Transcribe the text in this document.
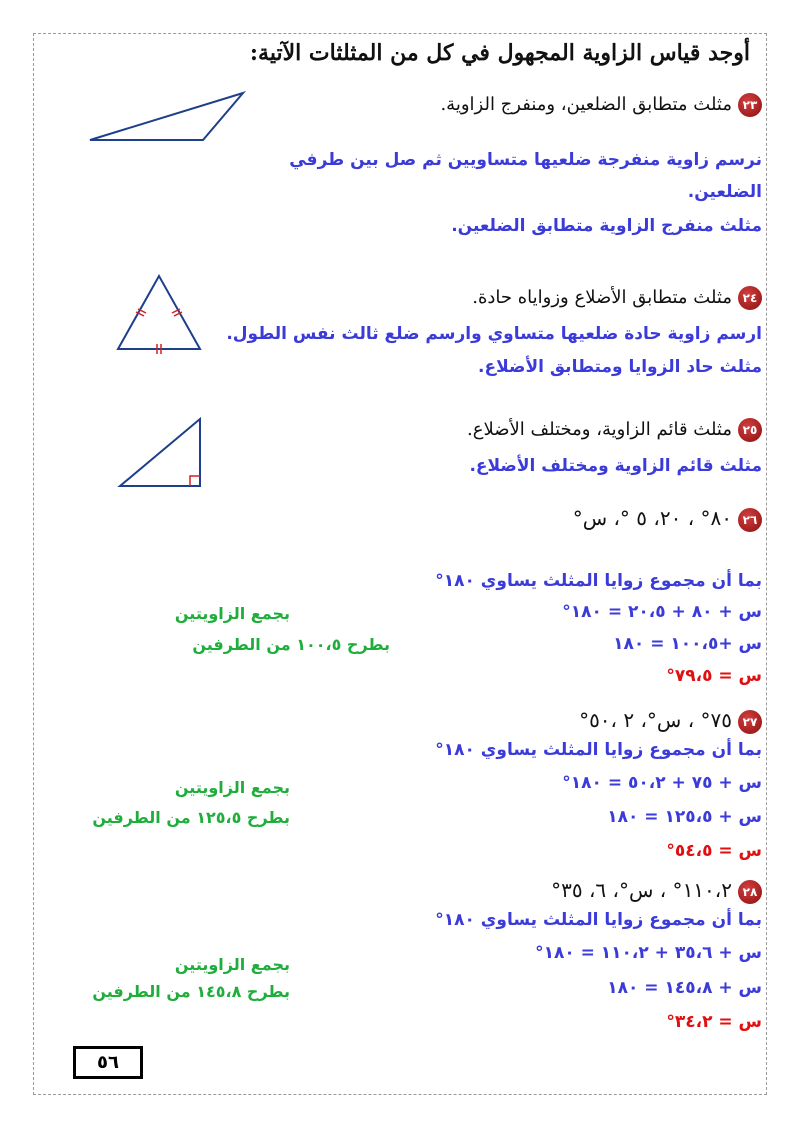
أوجد قياس الزاوية المجهول في كل من المثلثات الآتية:
٢٣مثلث متطابق الضلعين، ومنفرج الزاوية.
نرسم زاوية منفرجة ضلعيها متساويين ثم صل بين طرفي
الضلعين.
مثلث منفرج الزاوية متطابق الضلعين.
٢٤مثلث متطابق الأضلاع وزواياه حادة.
ارسم زاوية حادة ضلعيها متساوي وارسم ضلع ثالث نفس الطول.
مثلث حاد الزوايا ومتطابق الأضلاع.
٢٥مثلث قائم الزاوية، ومختلف الأضلاع.
مثلث قائم الزاوية ومختلف الأضلاع.
٢٦٨٠° ، ٢٠، ٥ °، س°
بما أن مجموع زوايا المثلث يساوي ١٨٠°
س + ٨٠ + ٢٠،٥ = ١٨٠°
بجمع الزاويتين
س +١٠٠،٥ = ١٨٠
بطرح ١٠٠،٥ من الطرفين
س = ٧٩،٥°
٢٧٧٥° ، س°، ٢ ،٥٠°
بما أن مجموع زوايا المثلث يساوي ١٨٠°
س + ٧٥ + ٥٠،٢ = ١٨٠°
بجمع الزاويتين
س + ١٢٥،٥ = ١٨٠
بطرح ١٢٥،٥ من الطرفين
س = ٥٤،٥°
٢٨١١٠،٢° ، س°، ٦، ٣٥°
بما أن مجموع زوايا المثلث يساوي ١٨٠°
س + ٣٥،٦ + ١١٠،٢ = ١٨٠°
بجمع الزاويتين
س + ١٤٥،٨ = ١٨٠
بطرح ١٤٥،٨ من الطرفين
س = ٣٤،٢°
٥٦
